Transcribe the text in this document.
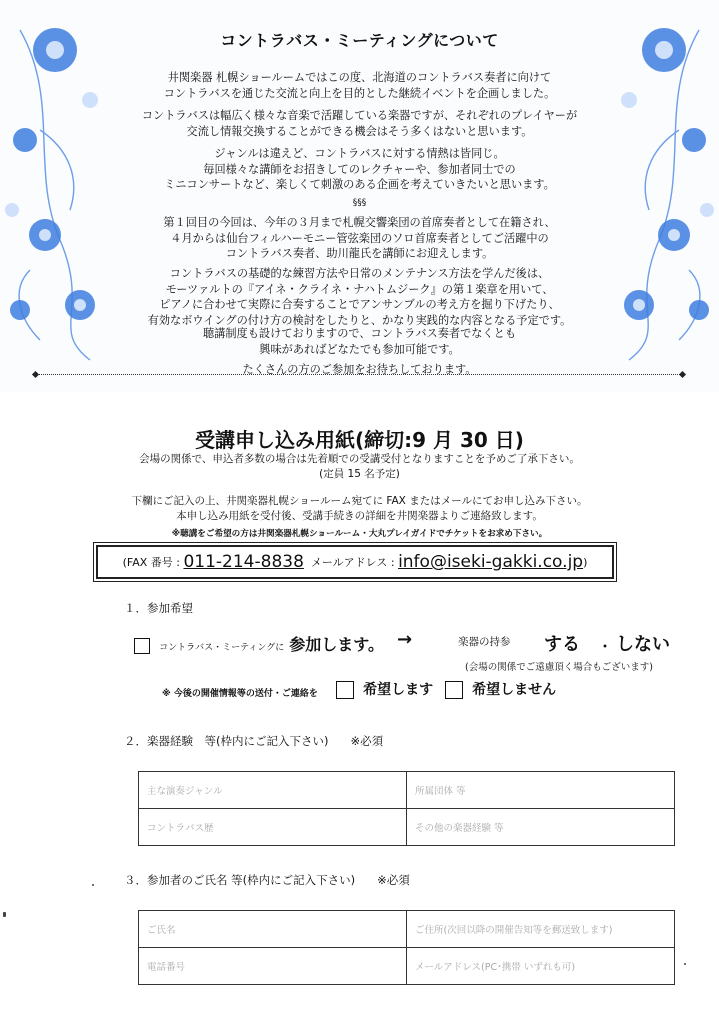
コントラバス・ミーティングについて
井関楽器 札幌ショールームではこの度、北海道のコントラバス奏者に向けて
コントラバスを通じた交流と向上を目的とした継続イベントを企画しました。
コントラバスは幅広く様々な音楽で活躍している楽器ですが、それぞれのプレイヤーが
交流し情報交換することができる機会はそう多くはないと思います。
ジャンルは違えど、コントラバスに対する情熱は皆同じ。
毎回様々な講師をお招きしてのレクチャーや、参加者同士での
ミニコンサートなど、楽しくて刺激のある企画を考えていきたいと思います。
§§§
第１回目の今回は、今年の３月まで札幌交響楽団の首席奏者として在籍され、
４月からは仙台フィルハーモニー管弦楽団のソロ首席奏者としてご活躍中の
コントラバス奏者、助川龍氏を講師にお迎えします。
コントラバスの基礎的な練習方法や日常のメンテナンス方法を学んだ後は、
モーツァルトの『アイネ・クライネ・ナハトムジーク』の第１楽章を用いて、
ピアノに合わせて実際に合奏することでアンサンブルの考え方を掘り下げたり、
有効なボウイングの付け方の検討をしたりと、かなり実践的な内容となる予定です。
聴講制度も設けておりますので、コントラバス奏者でなくとも
興味があればどなたでも参加可能です。
たくさんの方のご参加をお待ちしております。
受講申し込み用紙(締切:9 月 30 日)
会場の関係で、申込者多数の場合は先着順での受講受付となりますことを予めご了承下さい。
(定員 15 名予定)
下欄にご記入の上、井関楽器札幌ショールーム宛てに FAX またはメールにてお申し込み下さい。
本申し込み用紙を受付後、受講手続きの詳細を井関楽器よりご連絡致します。
※聴講をご希望の方は井関楽器札幌ショールーム・大丸プレイガイドでチケットをお求め下さい。
(FAX 番号 :
011-214-8838
メールアドレス :
info@iseki-gakki.co.jp )
１．参加希望
コントラバス・ミーティングに 参加します。 →	楽器の持参 する ・ しない
(会場の関係でご遠慮頂く場合もございます)
※ 今後の開催情報等の送付・ご連絡を	希望します	希望しません
２．楽器経験　等(枠内にご記入下さい) ※必須
主な演奏ジャンル	所属団体 等
コントラバス歴	その他の楽器経験 等
３．参加者のご氏名 等(枠内にご記入下さい) ※必須
ご氏名	ご住所(次回以降の開催告知等を郵送致します)
電話番号	メールアドレス(PC･携帯 いずれも可)
